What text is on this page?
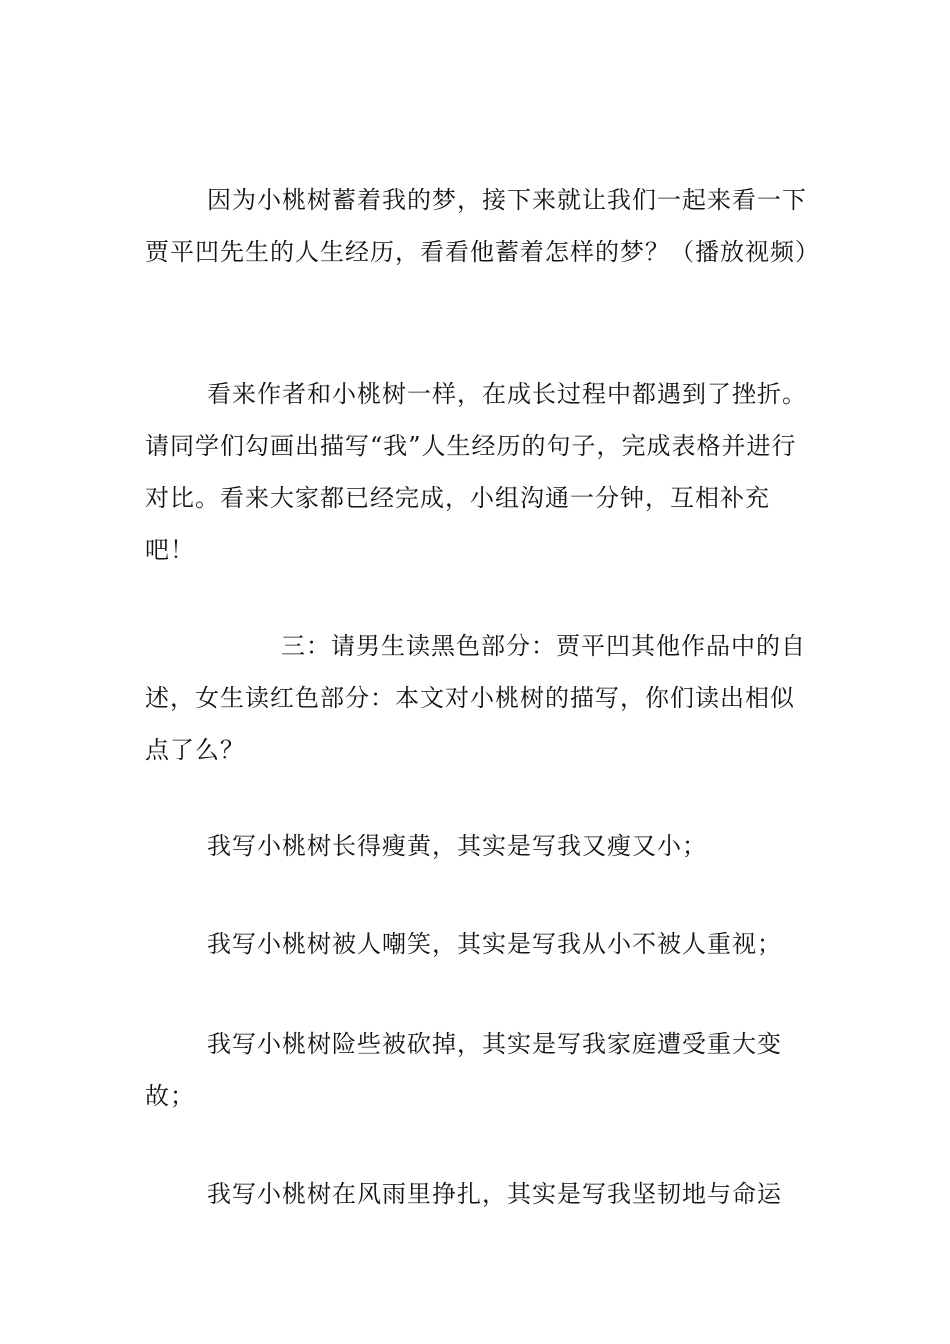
因为小桃树蓄着我的梦，接下来就让我们一起来看一下贾平凹先生的人生经历，看看他蓄着怎样的梦？（播放视频）

看来作者和小桃树一样，在成长过程中都遇到了挫折。请同学们勾画出描写“我”人生经历的句子，完成表格并进行对比。看来大家都已经完成，小组沟通一分钟，互相补充吧！

三：请男生读黑色部分：贾平凹其他作品中的自述，女生读红色部分：本文对小桃树的描写，你们读出相似点了么？

我写小桃树长得瘦黄，其实是写我又瘦又小；

我写小桃树被人嘲笑，其实是写我从小不被人重视；

我写小桃树险些被砍掉，其实是写我家庭遭受重大变故；

我写小桃树在风雨里挣扎，其实是写我坚韧地与命运
